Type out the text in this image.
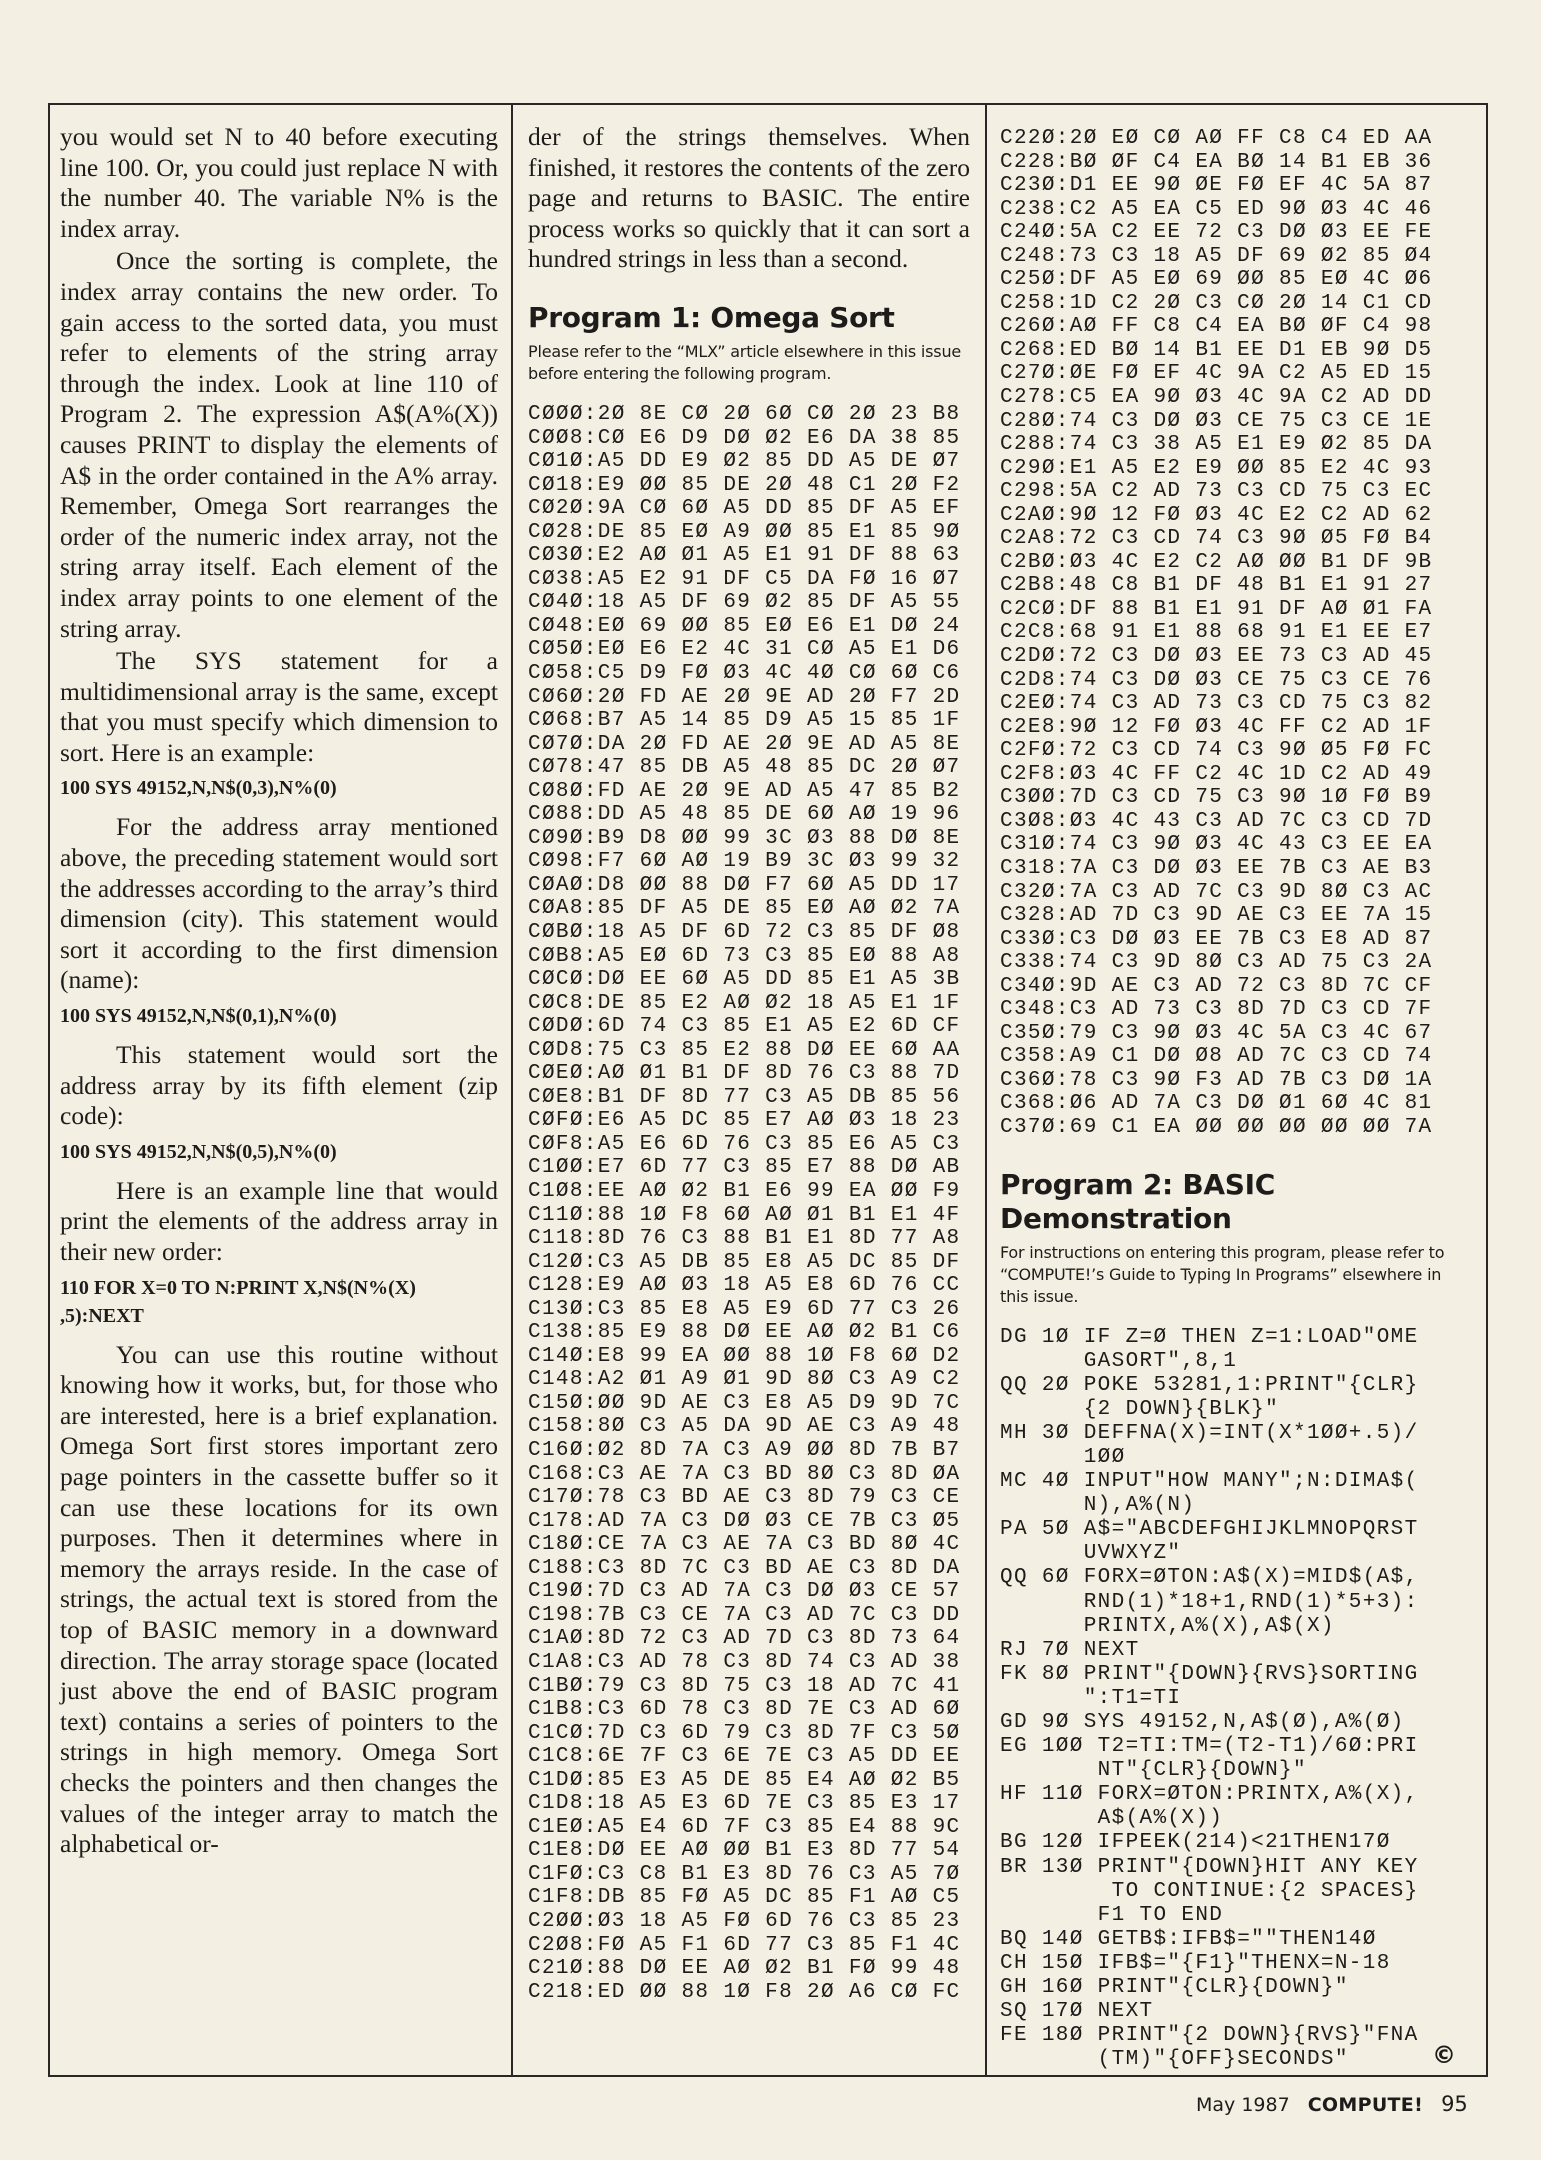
you would set N to 40 before executing line 100. Or, you could just replace N with the number 40. The variable N% is the index array.

Once the sorting is complete, the index array contains the new order. To gain access to the sorted data, you must refer to elements of the string array through the index. Look at line 110 of Program 2. The expression A$(A%(X)) causes PRINT to display the elements of A$ in the order contained in the A% array. Remember, Omega Sort rearranges the order of the numeric index array, not the string array itself. Each element of the index array points to one element of the string array.

The SYS statement for a multidimensional array is the same, except that you must specify which dimension to sort. Here is an example:

100 SYS 49152,N,N$(0,3),N%(0)

For the address array mentioned above, the preceding statement would sort the addresses according to the array’s third dimension (city). This statement would sort it according to the first dimension (name):

100 SYS 49152,N,N$(0,1),N%(0)

This statement would sort the address array by its fifth element (zip code):

100 SYS 49152,N,N$(0,5),N%(0)

Here is an example line that would print the elements of the address array in their new order:

110 FOR X=0 TO N:PRINT X,N$(N%(X)
,5):NEXT

You can use this routine without knowing how it works, but, for those who are interested, here is a brief explanation. Omega Sort first stores important zero page pointers in the cassette buffer so it can use these locations for its own purposes. Then it determines where in memory the arrays reside. In the case of strings, the actual text is stored from the top of BASIC memory in a downward direction. The array storage space (located just above the end of BASIC program text) contains a series of pointers to the strings in high memory. Omega Sort checks the pointers and then changes the values of the integer array to match the alphabetical or-

der of the strings themselves. When finished, it restores the contents of the zero page and returns to BASIC. The entire process works so quickly that it can sort a hundred strings in less than a second.

Program 1: Omega Sort
Please refer to the “MLX” article elsewhere in this issue before entering the following program.
CØØØ:2Ø 8E CØ 2Ø 6Ø CØ 2Ø 23 B8
CØØ8:CØ E6 D9 DØ Ø2 E6 DA 38 85
CØ1Ø:A5 DD E9 Ø2 85 DD A5 DE Ø7
CØ18:E9 ØØ 85 DE 2Ø 48 C1 2Ø F2
CØ2Ø:9A CØ 6Ø A5 DD 85 DF A5 EF
CØ28:DE 85 EØ A9 ØØ 85 E1 85 9Ø
CØ3Ø:E2 AØ Ø1 A5 E1 91 DF 88 63
CØ38:A5 E2 91 DF C5 DA FØ 16 Ø7
CØ4Ø:18 A5 DF 69 Ø2 85 DF A5 55
CØ48:EØ 69 ØØ 85 EØ E6 E1 DØ 24
CØ5Ø:EØ E6 E2 4C 31 CØ A5 E1 D6
CØ58:C5 D9 FØ Ø3 4C 4Ø CØ 6Ø C6
CØ6Ø:2Ø FD AE 2Ø 9E AD 2Ø F7 2D
CØ68:B7 A5 14 85 D9 A5 15 85 1F
CØ7Ø:DA 2Ø FD AE 2Ø 9E AD A5 8E
CØ78:47 85 DB A5 48 85 DC 2Ø Ø7
CØ8Ø:FD AE 2Ø 9E AD A5 47 85 B2
CØ88:DD A5 48 85 DE 6Ø AØ 19 96
CØ9Ø:B9 D8 ØØ 99 3C Ø3 88 DØ 8E
CØ98:F7 6Ø AØ 19 B9 3C Ø3 99 32
CØAØ:D8 ØØ 88 DØ F7 6Ø A5 DD 17
CØA8:85 DF A5 DE 85 EØ AØ Ø2 7A
CØBØ:18 A5 DF 6D 72 C3 85 DF Ø8
CØB8:A5 EØ 6D 73 C3 85 EØ 88 A8
CØCØ:DØ EE 6Ø A5 DD 85 E1 A5 3B
CØC8:DE 85 E2 AØ Ø2 18 A5 E1 1F
CØDØ:6D 74 C3 85 E1 A5 E2 6D CF
CØD8:75 C3 85 E2 88 DØ EE 6Ø AA
CØEØ:AØ Ø1 B1 DF 8D 76 C3 88 7D
CØE8:B1 DF 8D 77 C3 A5 DB 85 56
CØFØ:E6 A5 DC 85 E7 AØ Ø3 18 23
CØF8:A5 E6 6D 76 C3 85 E6 A5 C3
C1ØØ:E7 6D 77 C3 85 E7 88 DØ AB
C1Ø8:EE AØ Ø2 B1 E6 99 EA ØØ F9
C11Ø:88 1Ø F8 6Ø AØ Ø1 B1 E1 4F
C118:8D 76 C3 88 B1 E1 8D 77 A8
C12Ø:C3 A5 DB 85 E8 A5 DC 85 DF
C128:E9 AØ Ø3 18 A5 E8 6D 76 CC
C13Ø:C3 85 E8 A5 E9 6D 77 C3 26
C138:85 E9 88 DØ EE AØ Ø2 B1 C6
C14Ø:E8 99 EA ØØ 88 1Ø F8 6Ø D2
C148:A2 Ø1 A9 Ø1 9D 8Ø C3 A9 C2
C15Ø:ØØ 9D AE C3 E8 A5 D9 9D 7C
C158:8Ø C3 A5 DA 9D AE C3 A9 48
C16Ø:Ø2 8D 7A C3 A9 ØØ 8D 7B B7
C168:C3 AE 7A C3 BD 8Ø C3 8D ØA
C17Ø:78 C3 BD AE C3 8D 79 C3 CE
C178:AD 7A C3 DØ Ø3 CE 7B C3 Ø5
C18Ø:CE 7A C3 AE 7A C3 BD 8Ø 4C
C188:C3 8D 7C C3 BD AE C3 8D DA
C19Ø:7D C3 AD 7A C3 DØ Ø3 CE 57
C198:7B C3 CE 7A C3 AD 7C C3 DD
C1AØ:8D 72 C3 AD 7D C3 8D 73 64
C1A8:C3 AD 78 C3 8D 74 C3 AD 38
C1BØ:79 C3 8D 75 C3 18 AD 7C 41
C1B8:C3 6D 78 C3 8D 7E C3 AD 6Ø
C1CØ:7D C3 6D 79 C3 8D 7F C3 5Ø
C1C8:6E 7F C3 6E 7E C3 A5 DD EE
C1DØ:85 E3 A5 DE 85 E4 AØ Ø2 B5
C1D8:18 A5 E3 6D 7E C3 85 E3 17
C1EØ:A5 E4 6D 7F C3 85 E4 88 9C
C1E8:DØ EE AØ ØØ B1 E3 8D 77 54
C1FØ:C3 C8 B1 E3 8D 76 C3 A5 7Ø
C1F8:DB 85 FØ A5 DC 85 F1 AØ C5
C2ØØ:Ø3 18 A5 FØ 6D 76 C3 85 23
C2Ø8:FØ A5 F1 6D 77 C3 85 F1 4C
C21Ø:88 DØ EE AØ Ø2 B1 FØ 99 48
C218:ED ØØ 88 1Ø F8 2Ø A6 CØ FC
C22Ø:2Ø EØ CØ AØ FF C8 C4 ED AA
C228:BØ ØF C4 EA BØ 14 B1 EB 36
C23Ø:D1 EE 9Ø ØE FØ EF 4C 5A 87
C238:C2 A5 EA C5 ED 9Ø Ø3 4C 46
C24Ø:5A C2 EE 72 C3 DØ Ø3 EE FE
C248:73 C3 18 A5 DF 69 Ø2 85 Ø4
C25Ø:DF A5 EØ 69 ØØ 85 EØ 4C Ø6
C258:1D C2 2Ø C3 CØ 2Ø 14 C1 CD
C26Ø:AØ FF C8 C4 EA BØ ØF C4 98
C268:ED BØ 14 B1 EE D1 EB 9Ø D5
C27Ø:ØE FØ EF 4C 9A C2 A5 ED 15
C278:C5 EA 9Ø Ø3 4C 9A C2 AD DD
C28Ø:74 C3 DØ Ø3 CE 75 C3 CE 1E
C288:74 C3 38 A5 E1 E9 Ø2 85 DA
C29Ø:E1 A5 E2 E9 ØØ 85 E2 4C 93
C298:5A C2 AD 73 C3 CD 75 C3 EC
C2AØ:9Ø 12 FØ Ø3 4C E2 C2 AD 62
C2A8:72 C3 CD 74 C3 9Ø Ø5 FØ B4
C2BØ:Ø3 4C E2 C2 AØ ØØ B1 DF 9B
C2B8:48 C8 B1 DF 48 B1 E1 91 27
C2CØ:DF 88 B1 E1 91 DF AØ Ø1 FA
C2C8:68 91 E1 88 68 91 E1 EE E7
C2DØ:72 C3 DØ Ø3 EE 73 C3 AD 45
C2D8:74 C3 DØ Ø3 CE 75 C3 CE 76
C2EØ:74 C3 AD 73 C3 CD 75 C3 82
C2E8:9Ø 12 FØ Ø3 4C FF C2 AD 1F
C2FØ:72 C3 CD 74 C3 9Ø Ø5 FØ FC
C2F8:Ø3 4C FF C2 4C 1D C2 AD 49
C3ØØ:7D C3 CD 75 C3 9Ø 1Ø FØ B9
C3Ø8:Ø3 4C 43 C3 AD 7C C3 CD 7D
C31Ø:74 C3 9Ø Ø3 4C 43 C3 EE EA
C318:7A C3 DØ Ø3 EE 7B C3 AE B3
C32Ø:7A C3 AD 7C C3 9D 8Ø C3 AC
C328:AD 7D C3 9D AE C3 EE 7A 15
C33Ø:C3 DØ Ø3 EE 7B C3 E8 AD 87
C338:74 C3 9D 8Ø C3 AD 75 C3 2A
C34Ø:9D AE C3 AD 72 C3 8D 7C CF
C348:C3 AD 73 C3 8D 7D C3 CD 7F
C35Ø:79 C3 9Ø Ø3 4C 5A C3 4C 67
C358:A9 C1 DØ Ø8 AD 7C C3 CD 74
C36Ø:78 C3 9Ø F3 AD 7B C3 DØ 1A
C368:Ø6 AD 7A C3 DØ Ø1 6Ø 4C 81
C37Ø:69 C1 EA ØØ ØØ ØØ ØØ ØØ 7A
Program 2: BASIC
Demonstration
For instructions on entering this program, please refer to “COMPUTE!’s Guide to Typing In Programs” elsewhere in this issue.
DG
1Ø
IF Z=Ø THEN Z=1:LOAD"OME
GASORT",8,1
QQ
2Ø
POKE 53281,1:PRINT"{CLR}
{2 DOWN}{BLK}"
MH
3Ø
DEFFNA(X)=INT(X*1ØØ+.5)/
1ØØ
MC
4Ø
INPUT"HOW MANY";N:DIMA$(
N),A%(N)
PA
5Ø
A$="ABCDEFGHIJKLMNOPQRST
UVWXYZ"
QQ
6Ø
FORX=ØTON:A$(X)=MID$(A$,
RND(1)*18+1,RND(1)*5+3):
PRINTX,A%(X),A$(X)
RJ
7Ø
NEXT
FK
8Ø
PRINT"{DOWN}{RVS}SORTING
":T1=TI
GD
9Ø
SYS 49152,N,A$(Ø),A%(Ø)
EG
1ØØ
T2=TI:TM=(T2-T1)/6Ø:PRI
NT"{CLR}{DOWN}"
HF
11Ø
FORX=ØTON:PRINTX,A%(X),
A$(A%(X))
BG
12Ø
IFPEEK(214)<21THEN17Ø
BR
13Ø
PRINT"{DOWN}HIT ANY KEY
TO CONTINUE:{2 SPACES}
F1 TO END
BQ
14Ø
GETB$:IFB$=""THEN14Ø
CH
15Ø
IFB$="{F1}"THENX=N-18
GH
16Ø
PRINT"{CLR}{DOWN}"
SQ
17Ø
NEXT
FE
18Ø
PRINT"{2 DOWN}{RVS}"FNA
(TM)"{OFF}SECONDS"	©
May 1987 COMPUTE! 95
